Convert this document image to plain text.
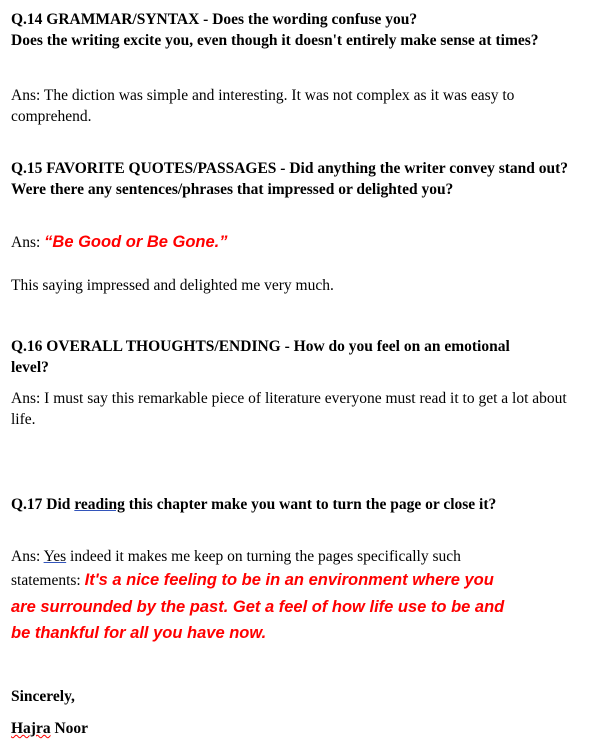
Q.14 GRAMMAR/SYNTAX - Does the wording confuse you?
Does the writing excite you, even though it doesn't entirely make sense at times?
Ans: The diction was simple and interesting. It was not complex as it was easy to comprehend.
Q.15 FAVORITE QUOTES/PASSAGES - Did anything the writer convey stand out? Were there any sentences/phrases that impressed or delighted you?
Ans: “Be Good or Be Gone.”
This saying impressed and delighted me very much.
Q.16 OVERALL THOUGHTS/ENDING - How do you feel on an emotional
level?
Ans: I must say this remarkable piece of literature everyone must read it to get a lot about life.
Q.17 Did reading this chapter make you want to turn the page or close it?
Ans: Yes indeed it makes me keep on turning the pages specifically such
statements: It's a nice feeling to be in an environment where you
are surrounded by the past. Get a feel of how life use to be and
be thankful for all you have now.
Sincerely,
Hajra Noor
